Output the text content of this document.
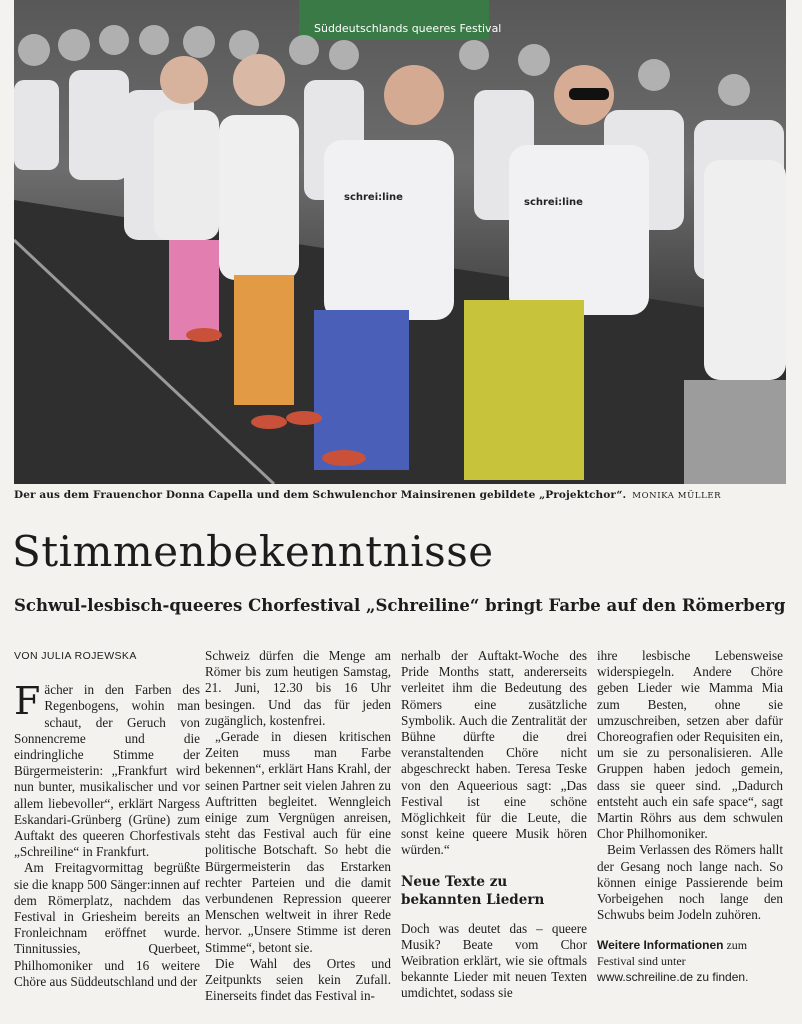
Süddeutschlands queeres Festival
schrei:line	schrei:line
Der aus dem Frauenchor Donna Capella und dem Schwulenchor Mainsirenen gebildete „Projektchor“. MONIKA MÜLLER
Stimmenbekenntnisse
Schwul-lesbisch-queeres Chorfestival „Schreiline“ bringt Farbe auf den Römerberg

VON JULIA ROJEWSKA

Fächer in den Farben des Regenbogens, wohin man schaut, der Geruch von Sonnencreme und die eindringliche Stimme der Bürgermeisterin: „Frankfurt wird nun bunter, musikalischer und vor allem liebevoller“, erklärt Nargess Eskandari-Grünberg (Grüne) zum Auftakt des queeren Chorfestivals „Schreiline“ in Frankfurt.

Am Freitagvormittag begrüßte sie die knapp 500 Sänger:innen auf dem Römerplatz, nachdem das Festival in Griesheim bereits an Fronleichnam eröffnet wurde. Tinnitussies, Querbeet, Philhomoniker und 16 weitere Chöre aus Süddeutschland und der

Schweiz dürfen die Menge am Römer bis zum heutigen Samstag, 21. Juni, 12.30 bis 16 Uhr besingen. Und das für jeden zugänglich, kostenfrei.

„Gerade in diesen kritischen Zeiten muss man Farbe bekennen“, erklärt Hans Krahl, der seinen Partner seit vielen Jahren zu Auftritten begleitet. Wenngleich einige zum Vergnügen anreisen, steht das Festival auch für eine politische Botschaft. So hebt die Bürgermeisterin das Erstarken rechter Parteien und die damit verbundenen Repression queerer Menschen weltweit in ihrer Rede hervor. „Unsere Stimme ist deren Stimme“, betont sie.

Die Wahl des Ortes und Zeitpunkts seien kein Zufall. Einerseits findet das Festival in-

nerhalb der Auftakt-Woche des Pride Months statt, andererseits verleitet ihm die Bedeutung des Römers eine zusätzliche Symbolik. Auch die Zentralität der Bühne dürfte die drei veranstaltenden Chöre nicht abgeschreckt haben. Teresa Teske von den Aqueerious sagt: „Das Festival ist eine schöne Möglichkeit für die Leute, die sonst keine queere Musik hören würden.“

Neue Texte zu bekannten Liedern

Doch was deutet das – queere Musik? Beate vom Chor Weibration erklärt, wie sie oftmals bekannte Lieder mit neuen Texten umdichtet, sodass sie

ihre lesbische Lebensweise widerspiegeln. Andere Chöre geben Lieder wie Mamma Mia zum Besten, ohne sie umzuschreiben, setzen aber dafür Choreografien oder Requisiten ein, um sie zu personalisieren. Alle Gruppen haben jedoch gemein, dass sie queer sind. „Dadurch entsteht auch ein safe space“, sagt Martin Röhrs aus dem schwulen Chor Philhomoniker.

Beim Verlassen des Römers hallt der Gesang noch lange nach. So können einige Passierende beim Vorbeigehen noch lange den Schwubs beim Jodeln zuhören.

Weitere Informationen zum Festival sind unter
www.schreiline.de zu finden.
